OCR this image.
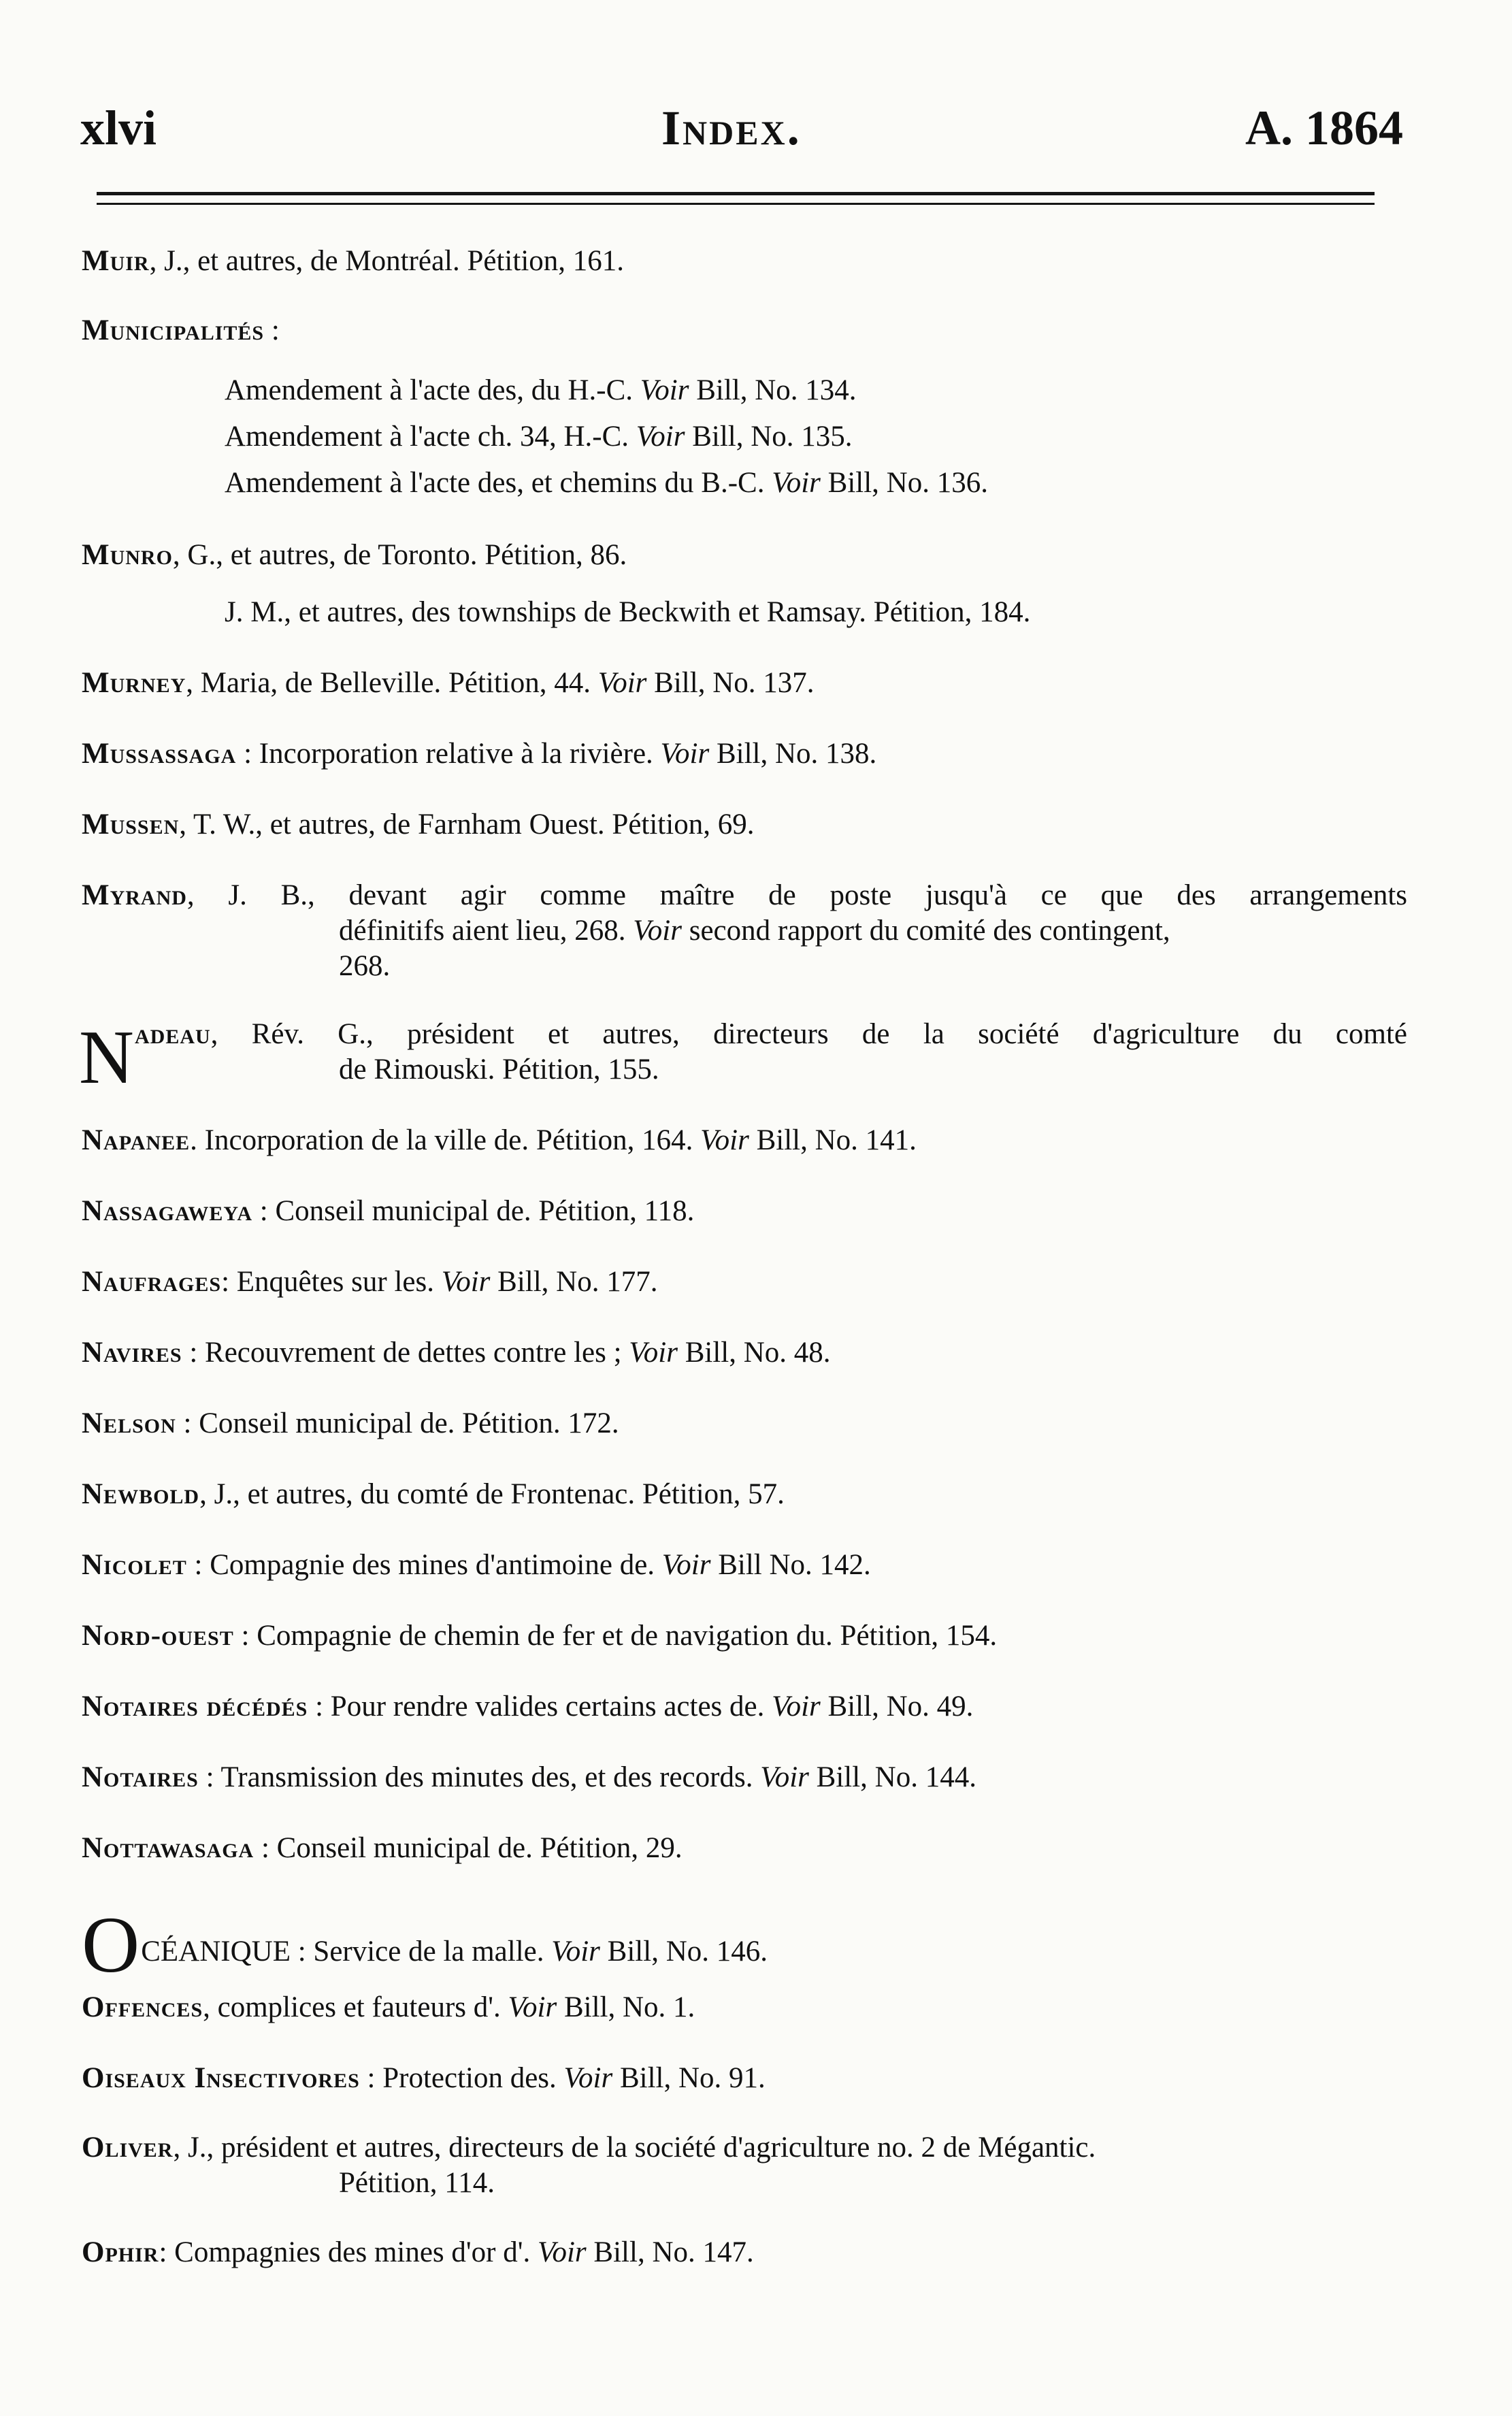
xlvi	Index.	A. 1864
Muir, J., et autres, de Montréal. Pétition, 161.
Municipalités :
Amendement à l'acte des, du H.-C. Voir Bill, No. 134.
Amendement à l'acte ch. 34, H.-C. Voir Bill, No. 135.
Amendement à l'acte des, et chemins du B.-C. Voir Bill, No. 136.
Munro, G., et autres, de Toronto. Pétition, 86.
J. M., et autres, des townships de Beckwith et Ramsay. Pétition, 184.
Murney, Maria, de Belleville. Pétition, 44. Voir Bill, No. 137.
Mussassaga : Incorporation relative à la rivière. Voir Bill, No. 138.
Mussen, T. W., et autres, de Farnham Ouest. Pétition, 69.
Myrand, J. B., devant agir comme maître de poste jusqu'à ce que des arrangements
définitifs aient lieu, 268. Voir second rapport du comité des contingent,
268.
N adeau, Rév. G., président et autres, directeurs de la société d'agriculture du comté
de Rimouski. Pétition, 155.
Napanee. Incorporation de la ville de. Pétition, 164. Voir Bill, No. 141.
Nassagaweya : Conseil municipal de. Pétition, 118.
Naufrages: Enquêtes sur les. Voir Bill, No. 177.
Navires : Recouvrement de dettes contre les ; Voir Bill, No. 48.
Nelson : Conseil municipal de. Pétition. 172.
Newbold, J., et autres, du comté de Frontenac. Pétition, 57.
Nicolet : Compagnie des mines d'antimoine de. Voir Bill No. 142.
Nord-ouest : Compagnie de chemin de fer et de navigation du. Pétition, 154.
Notaires décédés : Pour rendre valides certains actes de. Voir Bill, No. 49.
Notaires : Transmission des minutes des, et des records. Voir Bill, No. 144.
Nottawasaga : Conseil municipal de. Pétition, 29.
OCÉANIQUE : Service de la malle. Voir Bill, No. 146.
Offences, complices et fauteurs d'. Voir Bill, No. 1.
Oiseaux Insectivores : Protection des. Voir Bill, No. 91.
Oliver, J., président et autres, directeurs de la société d'agriculture no. 2 de Mégantic.
Pétition, 114.
Ophir: Compagnies des mines d'or d'. Voir Bill, No. 147.
